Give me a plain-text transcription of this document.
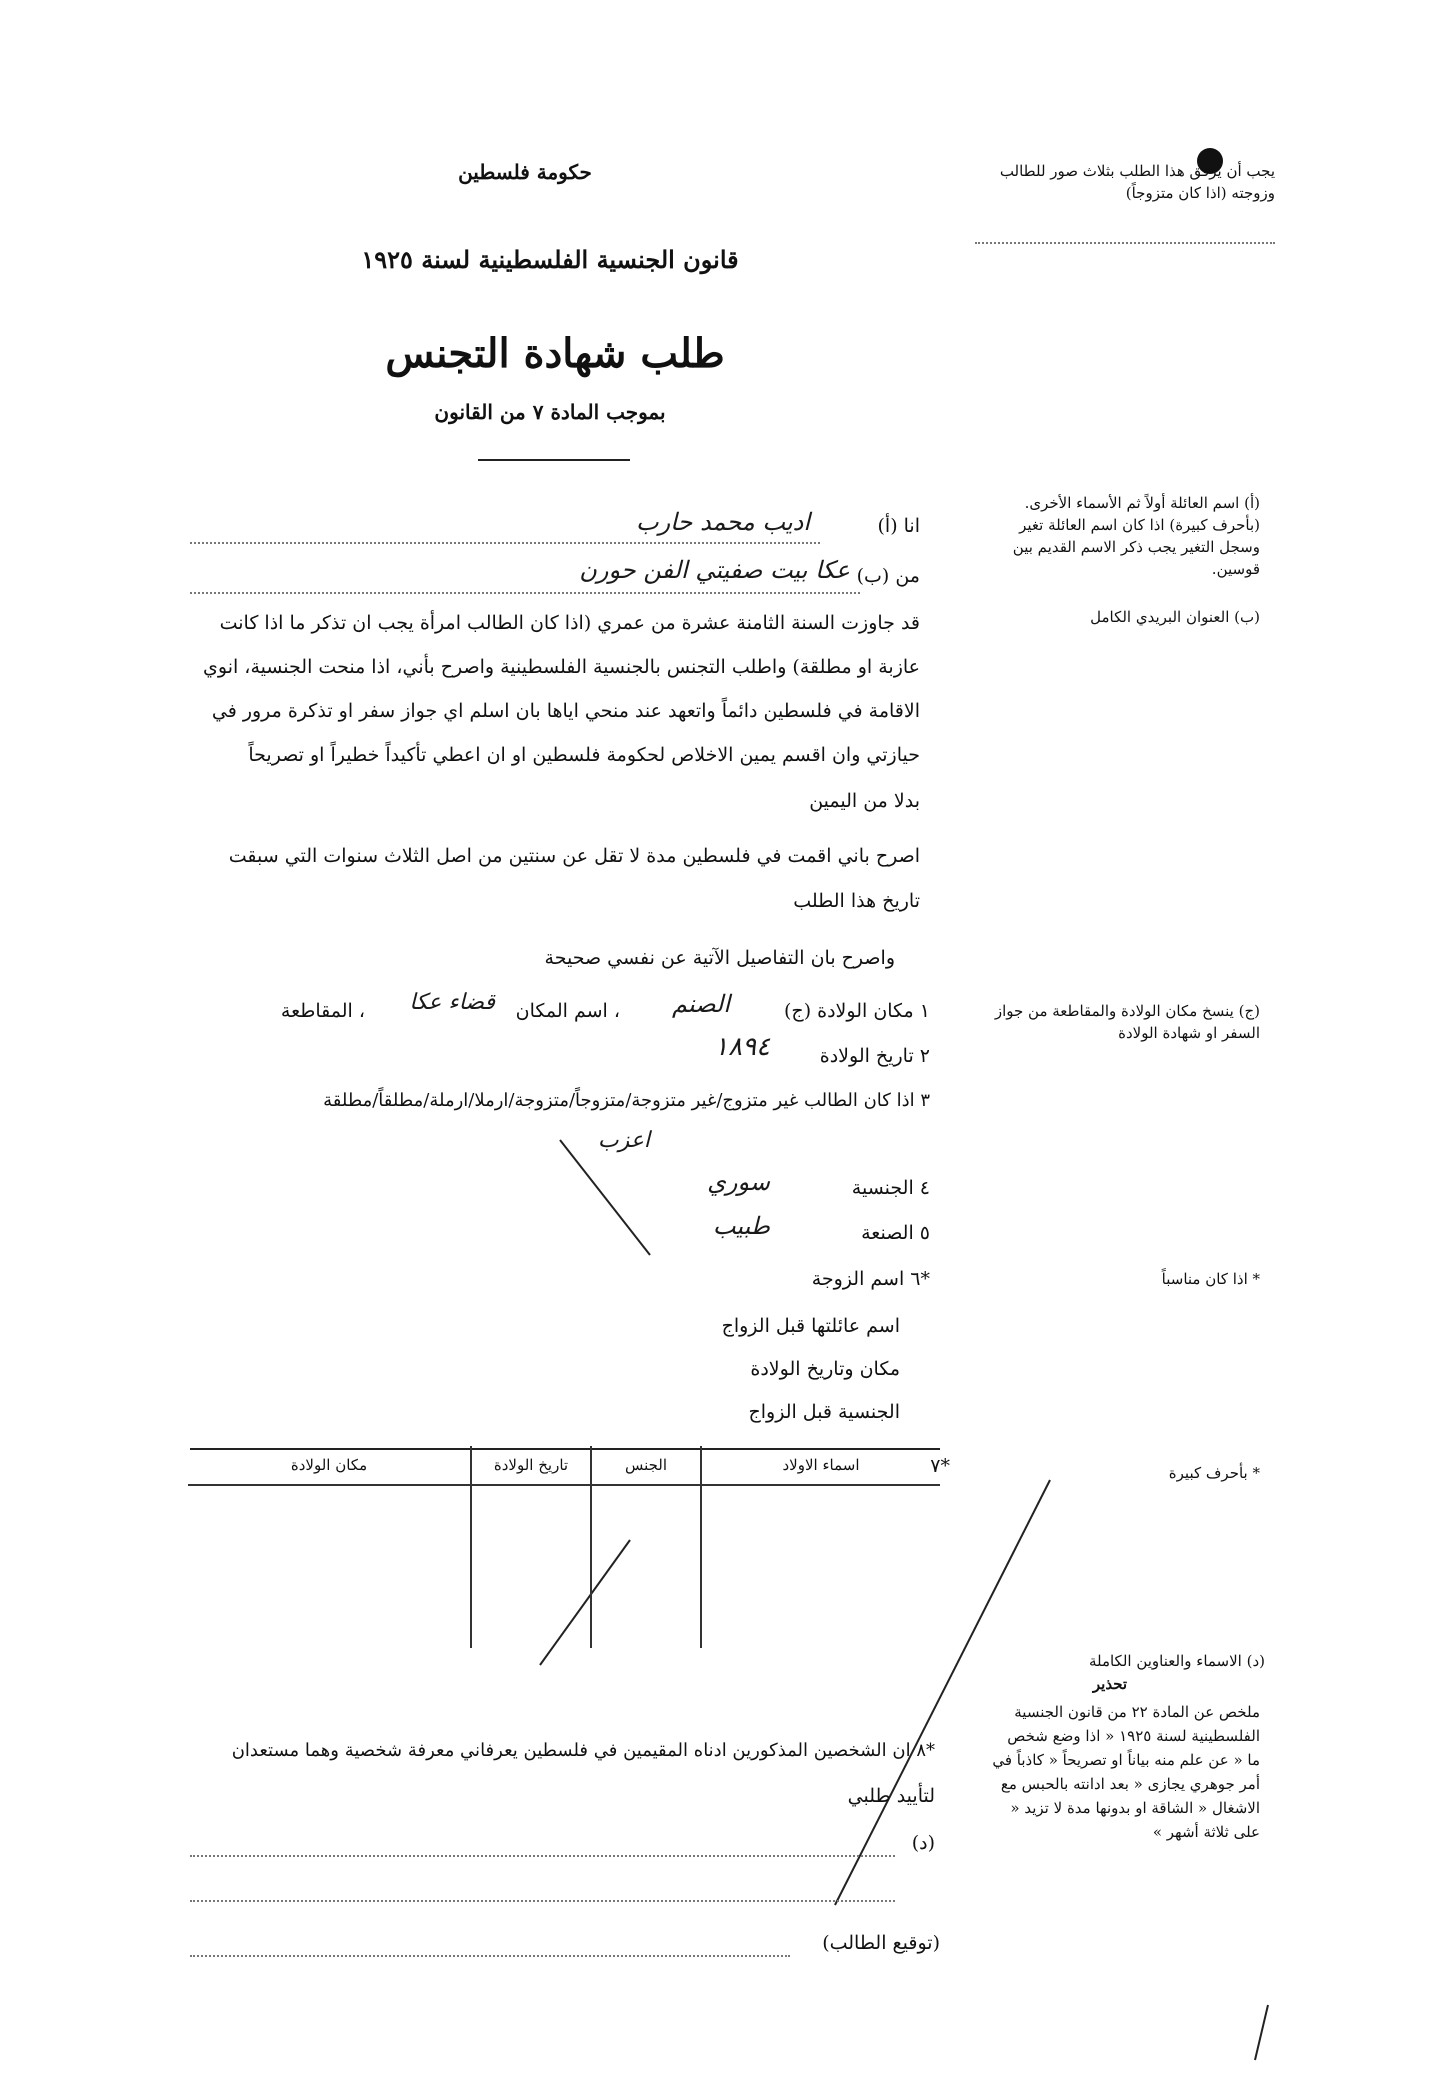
حكومة فلسطين
قانون الجنسية الفلسطينية لسنة ١٩٢٥
طلب شهادة التجنس
بموجب المادة ٧ من القانون
يجب أن يرفق هذا الطلب بثلاث صور للطالب وزوجته (اذا كان متزوجاً)
(أ) اسم العائلة أولاً ثم الأسماء الأخرى. (بأحرف كبيرة) اذا كان اسم العائلة تغير وسجل التغير يجب ذكر الاسم القديم بين قوسين.
(ب) العنوان البريدي الكامل
(ج) ينسخ مكان الولادة والمقاطعة من جواز السفر او شهادة الولادة
* اذا كان مناسباً
* بأحرف كبيرة
(د) الاسماء والعناوين الكاملة
تحذير
ملخص عن المادة ٢٢ من قانون الجنسية الفلسطينية لسنة ١٩٢٥ « اذا وضع شخص ما « عن علم منه بياناً او تصريحاً « كاذباً في أمر جوهري يجازى « بعد ادانته بالحبس مع الاشغال « الشاقة او بدونها مدة لا تزيد « على ثلاثة أشهر »
انا (أ)
اديب محمد حارب
من (ب)
عكا بيت صفيتي الفن حورن
قد جاوزت السنة الثامنة عشرة من عمري (اذا كان الطالب امرأة يجب ان تذكر ما اذا كانت
عازبة او مطلقة) واطلب التجنس بالجنسية الفلسطينية واصرح بأني، اذا منحت الجنسية، انوي
الاقامة في فلسطين دائماً واتعهد عند منحي اياها بان اسلم اي جواز سفر او تذكرة مرور في
حيازتي وان اقسم يمين الاخلاص لحكومة فلسطين او ان اعطي تأكيداً خطيراً او تصريحاً
بدلا من اليمين
اصرح باني اقمت في فلسطين مدة لا تقل عن سنتين من اصل الثلاث سنوات التي سبقت
تاريخ هذا الطلب
واصرح بان التفاصيل الآتية عن نفسي صحيحة
١ مكان الولادة (ج)
الصنم
، اسم المكان
قضاء عكا
، المقاطعة
٢ تاريخ الولادة
١٨٩٤
٣ اذا كان الطالب غير متزوج/غير متزوجة/متزوجاً/متزوجة/ارملا/ارملة/مطلقاً/مطلقة
اعزب
٤ الجنسية
سوري
٥ الصنعة
طبيب
*٦ اسم الزوجة
اسم عائلتها قبل الزواج
مكان وتاريخ الولادة
الجنسية قبل الزواج
*٧
اسماء الاولاد	الجنس	تاريخ الولادة	مكان الولادة

*٨ ان الشخصين المذكورين ادناه المقيمين في فلسطين يعرفاني معرفة شخصية وهما مستعدان
لتأييد طلبي
(د)
(توقيع الطالب)
